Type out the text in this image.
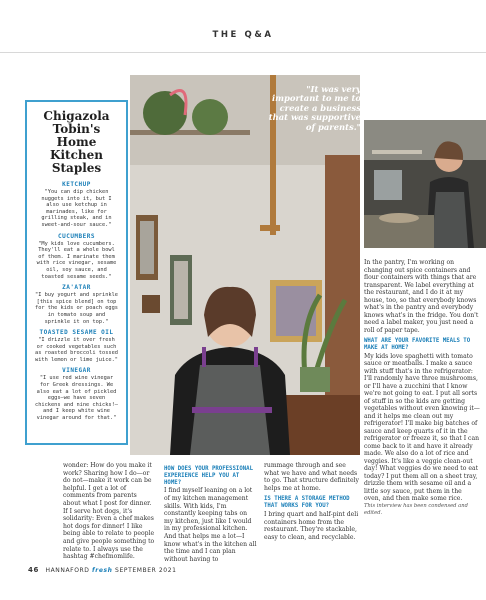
THE Q&A
Chigazola Tobin's Home Kitchen Staples
KETCHUP
"You can dip chicken nuggets into it, but I also use ketchup in marinades, like for grilling steak, and in sweet-and-sour sauce."
CUCUMBERS
"My kids love cucumbers. They'll eat a whole bowl of them. I marinate them with rice vinegar, sesame oil, soy sauce, and toasted sesame seeds."
ZA'ATAR
"I buy yogurt and sprinkle [this spice blend] on top for the kids or poach eggs in tomato soup and sprinkle it on top."
TOASTED SESAME OIL
"I drizzle it over fresh or cooked vegetables such as roasted broccoli tossed with lemon or lime juice."
VINEGAR
"I use red wine vinegar for Greek dressings. We also eat a lot of pickled eggs—we have seven chickens and nine chicks!—and I keep white wine vinegar around for that."
"It was very important to me to create a business that was supportive of parents."

In the pantry, I'm working on changing out spice containers and flour containers with things that are transparent. We label everything at the restaurant, and I do it at my house, too, so that everybody knows what's in the pantry and everybody knows what's in the fridge. You don't need a label maker, you just need a roll of paper tape.

WHAT ARE YOUR FAVORITE MEALS TO MAKE AT HOME?

My kids love spaghetti with tomato sauce or meatballs. I make a sauce with stuff that's in the refrigerator: I'll randomly have three mushrooms, or I'll have a zucchini that I know we're not going to eat. I put all sorts of stuff in so the kids are getting vegetables without even knowing it—and it helps me clean out my refrigerator! I'll make big batches of sauce and keep quarts of it in the refrigerator or freeze it, so that I can come back to it and have it already made. We also do a lot of rice and veggies. It's like a veggie clean-out day! What veggies do we need to eat today? I put them all on a sheet tray, drizzle them with sesame oil and a little soy sauce, put them in the oven, and then make some rice.

This interview has been condensed and edited.

wonder: How do you make it work? Sharing how I do—or do not—make it work can be helpful. I get a lot of comments from parents about what I post for dinner. If I serve hot dogs, it's solidarity: Even a chef makes hot dogs for dinner! I like being able to relate to people and give people something to relate to. I always use the hashtag #chefmomlife.

HOW DOES YOUR PROFESSIONAL EXPERIENCE HELP YOU AT HOME?

I find myself leaning on a lot of my kitchen management skills. With kids, I'm constantly keeping tabs on my kitchen, just like I would in my professional kitchen. And that helps me a lot—I know what's in the kitchen all the time and I can plan without having to

rummage through and see what we have and what needs to go. That structure definitely helps me at home.

IS THERE A STORAGE METHOD THAT WORKS FOR YOU?

I bring quart and half-pint deli containers home from the restaurant. They're stackable, easy to clean, and recyclable.

46 HANNAFORD fresh SEPTEMBER 2021
